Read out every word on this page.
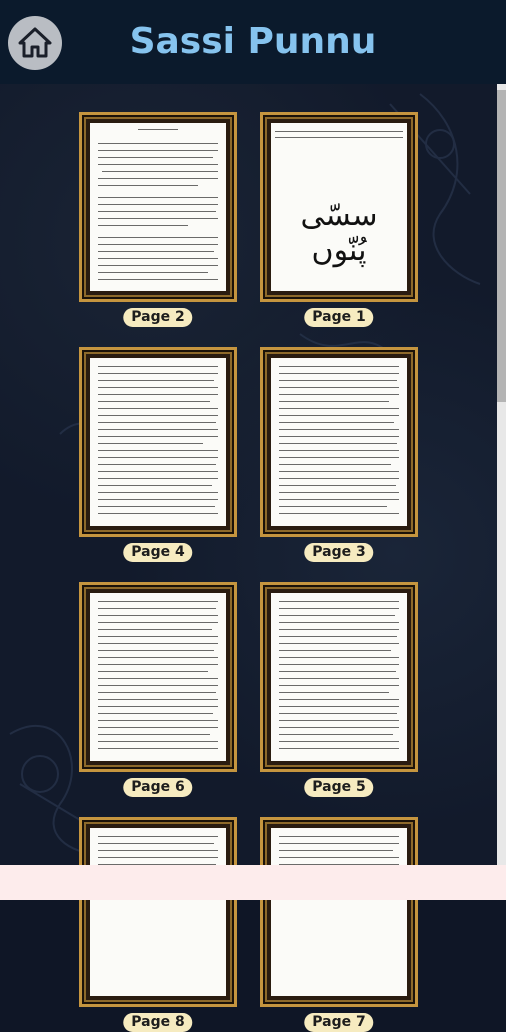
Sassi Punnu
Page 2
سسّی پُنّوں
Page 1
Page 4	Page 3
Page 6	Page 5
Page 8	Page 7
